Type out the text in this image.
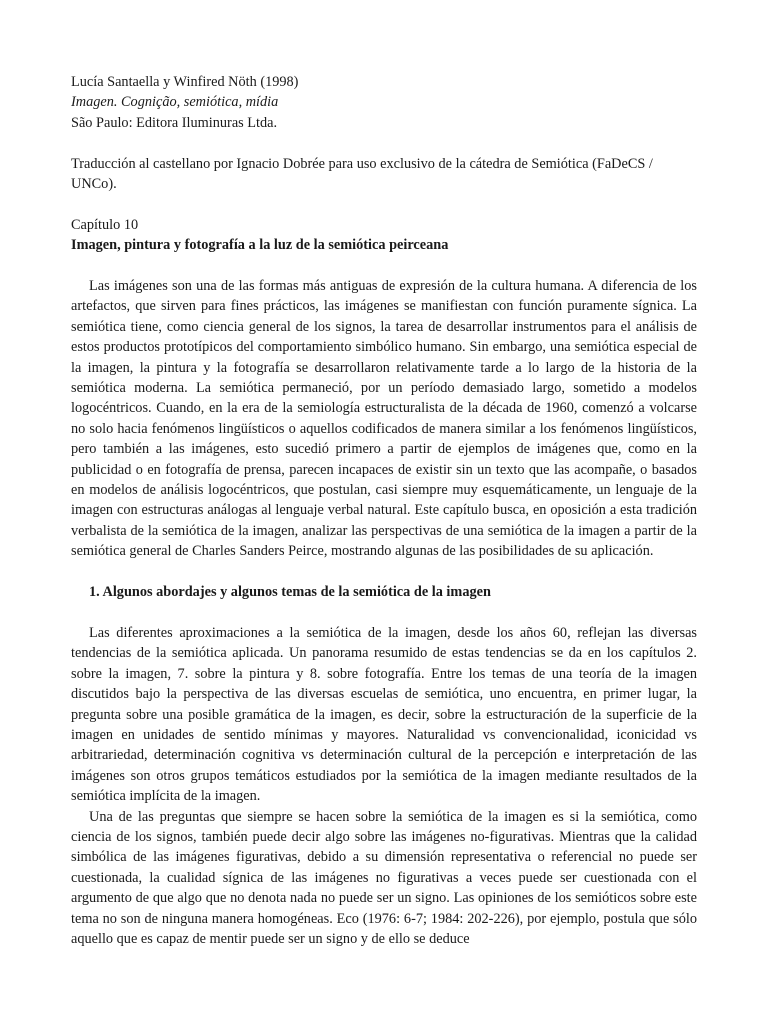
Lucía Santaella y Winfired Nöth (1998)
Imagen. Cognição, semiótica, mídia
São Paulo: Editora Iluminuras Ltda.

Traducción al castellano por Ignacio Dobrée para uso exclusivo de la cátedra de Semiótica (FaDeCS / UNCo).

Capítulo 10
Imagen, pintura y fotografía a la luz de la semiótica peirceana

Las imágenes son una de las formas más antiguas de expresión de la cultura humana. A diferencia de los artefactos, que sirven para fines prácticos, las imágenes se manifiestan con función puramente sígnica. La semiótica tiene, como ciencia general de los signos, la tarea de desarrollar instrumentos para el análisis de estos productos prototípicos del comportamiento simbólico humano. Sin embargo, una semiótica especial de la imagen, la pintura y la fotografía se desarrollaron relativamente tarde a lo largo de la historia de la semiótica moderna. La semiótica permaneció, por un período demasiado largo, sometido a modelos logocéntricos. Cuando, en la era de la semiología estructuralista de la década de 1960, comenzó a volcarse no solo hacia fenómenos lingüísticos o aquellos codificados de manera similar a los fenómenos lingüísticos, pero también a las imágenes, esto sucedió primero a partir de ejemplos de imágenes que, como en la publicidad o en fotografía de prensa, parecen incapaces de existir sin un texto que las acompañe, o basados en modelos de análisis logocéntricos, que postulan, casi siempre muy esquemáticamente, un lenguaje de la imagen con estructuras análogas al lenguaje verbal natural. Este capítulo busca, en oposición a esta tradición verbalista de la semiótica de la imagen, analizar las perspectivas de una semiótica de la imagen a partir de la semiótica general de Charles Sanders Peirce, mostrando algunas de las posibilidades de su aplicación.

1. Algunos abordajes y algunos temas de la semiótica de la imagen

Las diferentes aproximaciones a la semiótica de la imagen, desde los años 60, reflejan las diversas tendencias de la semiótica aplicada. Un panorama resumido de estas tendencias se da en los capítulos 2. sobre la imagen, 7. sobre la pintura y 8. sobre fotografía. Entre los temas de una teoría de la imagen discutidos bajo la perspectiva de las diversas escuelas de semiótica, uno encuentra, en primer lugar, la pregunta sobre una posible gramática de la imagen, es decir, sobre la estructuración de la superficie de la imagen en unidades de sentido mínimas y mayores. Naturalidad vs convencionalidad, iconicidad vs arbitrariedad, determinación cognitiva vs determinación cultural de la percepción e interpretación de las imágenes son otros grupos temáticos estudiados por la semiótica de la imagen mediante resultados de la semiótica implícita de la imagen.

Una de las preguntas que siempre se hacen sobre la semiótica de la imagen es si la semiótica, como ciencia de los signos, también puede decir algo sobre las imágenes no-figurativas. Mientras que la calidad simbólica de las imágenes figurativas, debido a su dimensión representativa o referencial no puede ser cuestionada, la cualidad sígnica de las imágenes no figurativas a veces puede ser cuestionada con el argumento de que algo que no denota nada no puede ser un signo. Las opiniones de los semióticos sobre este tema no son de ninguna manera homogéneas. Eco (1976: 6-7; 1984: 202-226), por ejemplo, postula que sólo aquello que es capaz de mentir puede ser un signo y de ello se deduce
